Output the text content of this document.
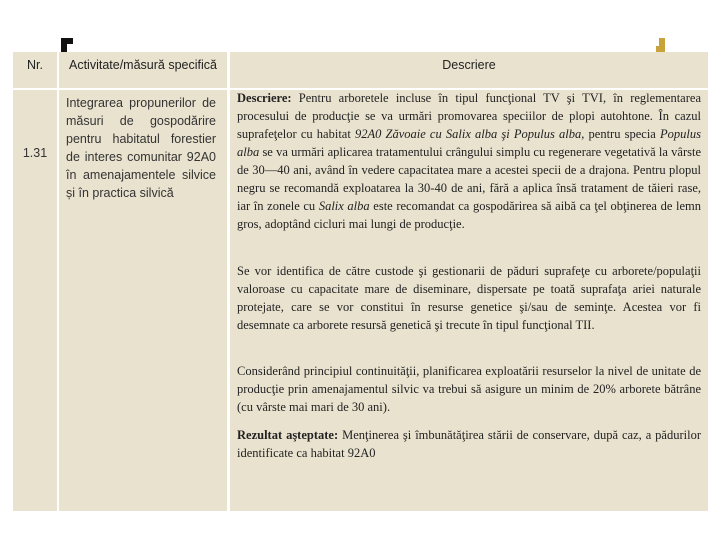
Nr.	Activitate/măsură specifică	Descriere
1.31
Integrarea propunerilor de măsuri de gospodărire pentru habitatul forestier de interes comunitar 92A0 în amenajamentele silvice și în practica silvică

Descriere: Pentru arboretele incluse în tipul funcţional TV şi TVI, în reglementarea procesului de producţie se va urmări promovarea speciilor de plopi autohtone. În cazul suprafeţelor cu habitat 92A0 Zăvoaie cu Salix alba şi Populus alba, pentru specia Populus alba se va urmări aplicarea tratamentului crângului simplu cu regenerare vegetativă la vârste de 30—40 ani, având în vedere capacitatea mare a acestei specii de a drajona. Pentru plopul negru se recomandă exploatarea la 30-40 de ani, fără a aplica însă tratament de tăieri rase, iar în zonele cu Salix alba este recomandat ca gospodărirea să aibă ca ţel obţinerea de lemn gros, adoptând cicluri mai lungi de producţie.

Se vor identifica de către custode şi gestionarii de păduri suprafeţe cu arborete/populaţii valoroase cu capacitate mare de diseminare, dispersate pe toată suprafaţa ariei naturale protejate, care se vor constitui în resurse genetice şi/sau de seminţe. Acestea vor fi desemnate ca arborete resursă genetică şi trecute în tipul funcţional TII.

Considerând principiul continuităţii, planificarea exploatării resurselor la nivel de unitate de producţie prin amenajamentul silvic va trebui să asigure un minim de 20% arborete bătrâne (cu vârste mai mari de 30 ani).

Rezultat aşteptate: Menţinerea şi îmbunătăţirea stării de conservare, după caz, a pădurilor identificate ca habitat 92A0
